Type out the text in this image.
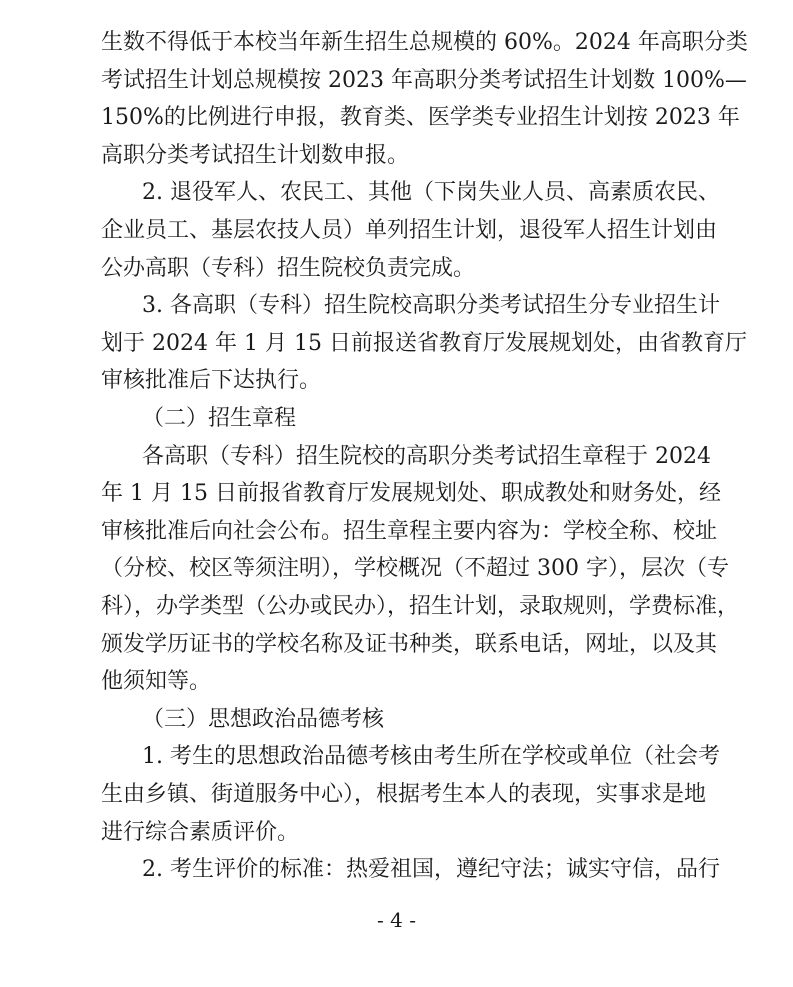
生数不得低于本校当年新生招生总规模的 60%。2024 年高职分类
考试招生计划总规模按 2023 年高职分类考试招生计划数 100%—
150%的比例进行申报，教育类、医学类专业招生计划按 2023 年
高职分类考试招生计划数申报。
2. 退役军人、农民工、其他（下岗失业人员、高素质农民、
企业员工、基层农技人员）单列招生计划，退役军人招生计划由
公办高职（专科）招生院校负责完成。
3. 各高职（专科）招生院校高职分类考试招生分专业招生计
划于 2024 年 1 月 15 日前报送省教育厅发展规划处，由省教育厅
审核批准后下达执行。
（二）招生章程
各高职（专科）招生院校的高职分类考试招生章程于 2024
年 1 月 15 日前报省教育厅发展规划处、职成教处和财务处，经
审核批准后向社会公布。招生章程主要内容为：学校全称、校址
（分校、校区等须注明），学校概况（不超过 300 字），层次（专
科），办学类型（公办或民办），招生计划，录取规则，学费标准，
颁发学历证书的学校名称及证书种类，联系电话，网址，以及其
他须知等。
（三）思想政治品德考核
1. 考生的思想政治品德考核由考生所在学校或单位（社会考
生由乡镇、街道服务中心），根据考生本人的表现，实事求是地
进行综合素质评价。
2. 考生评价的标准：热爱祖国，遵纪守法；诚实守信，品行
- 4 -
